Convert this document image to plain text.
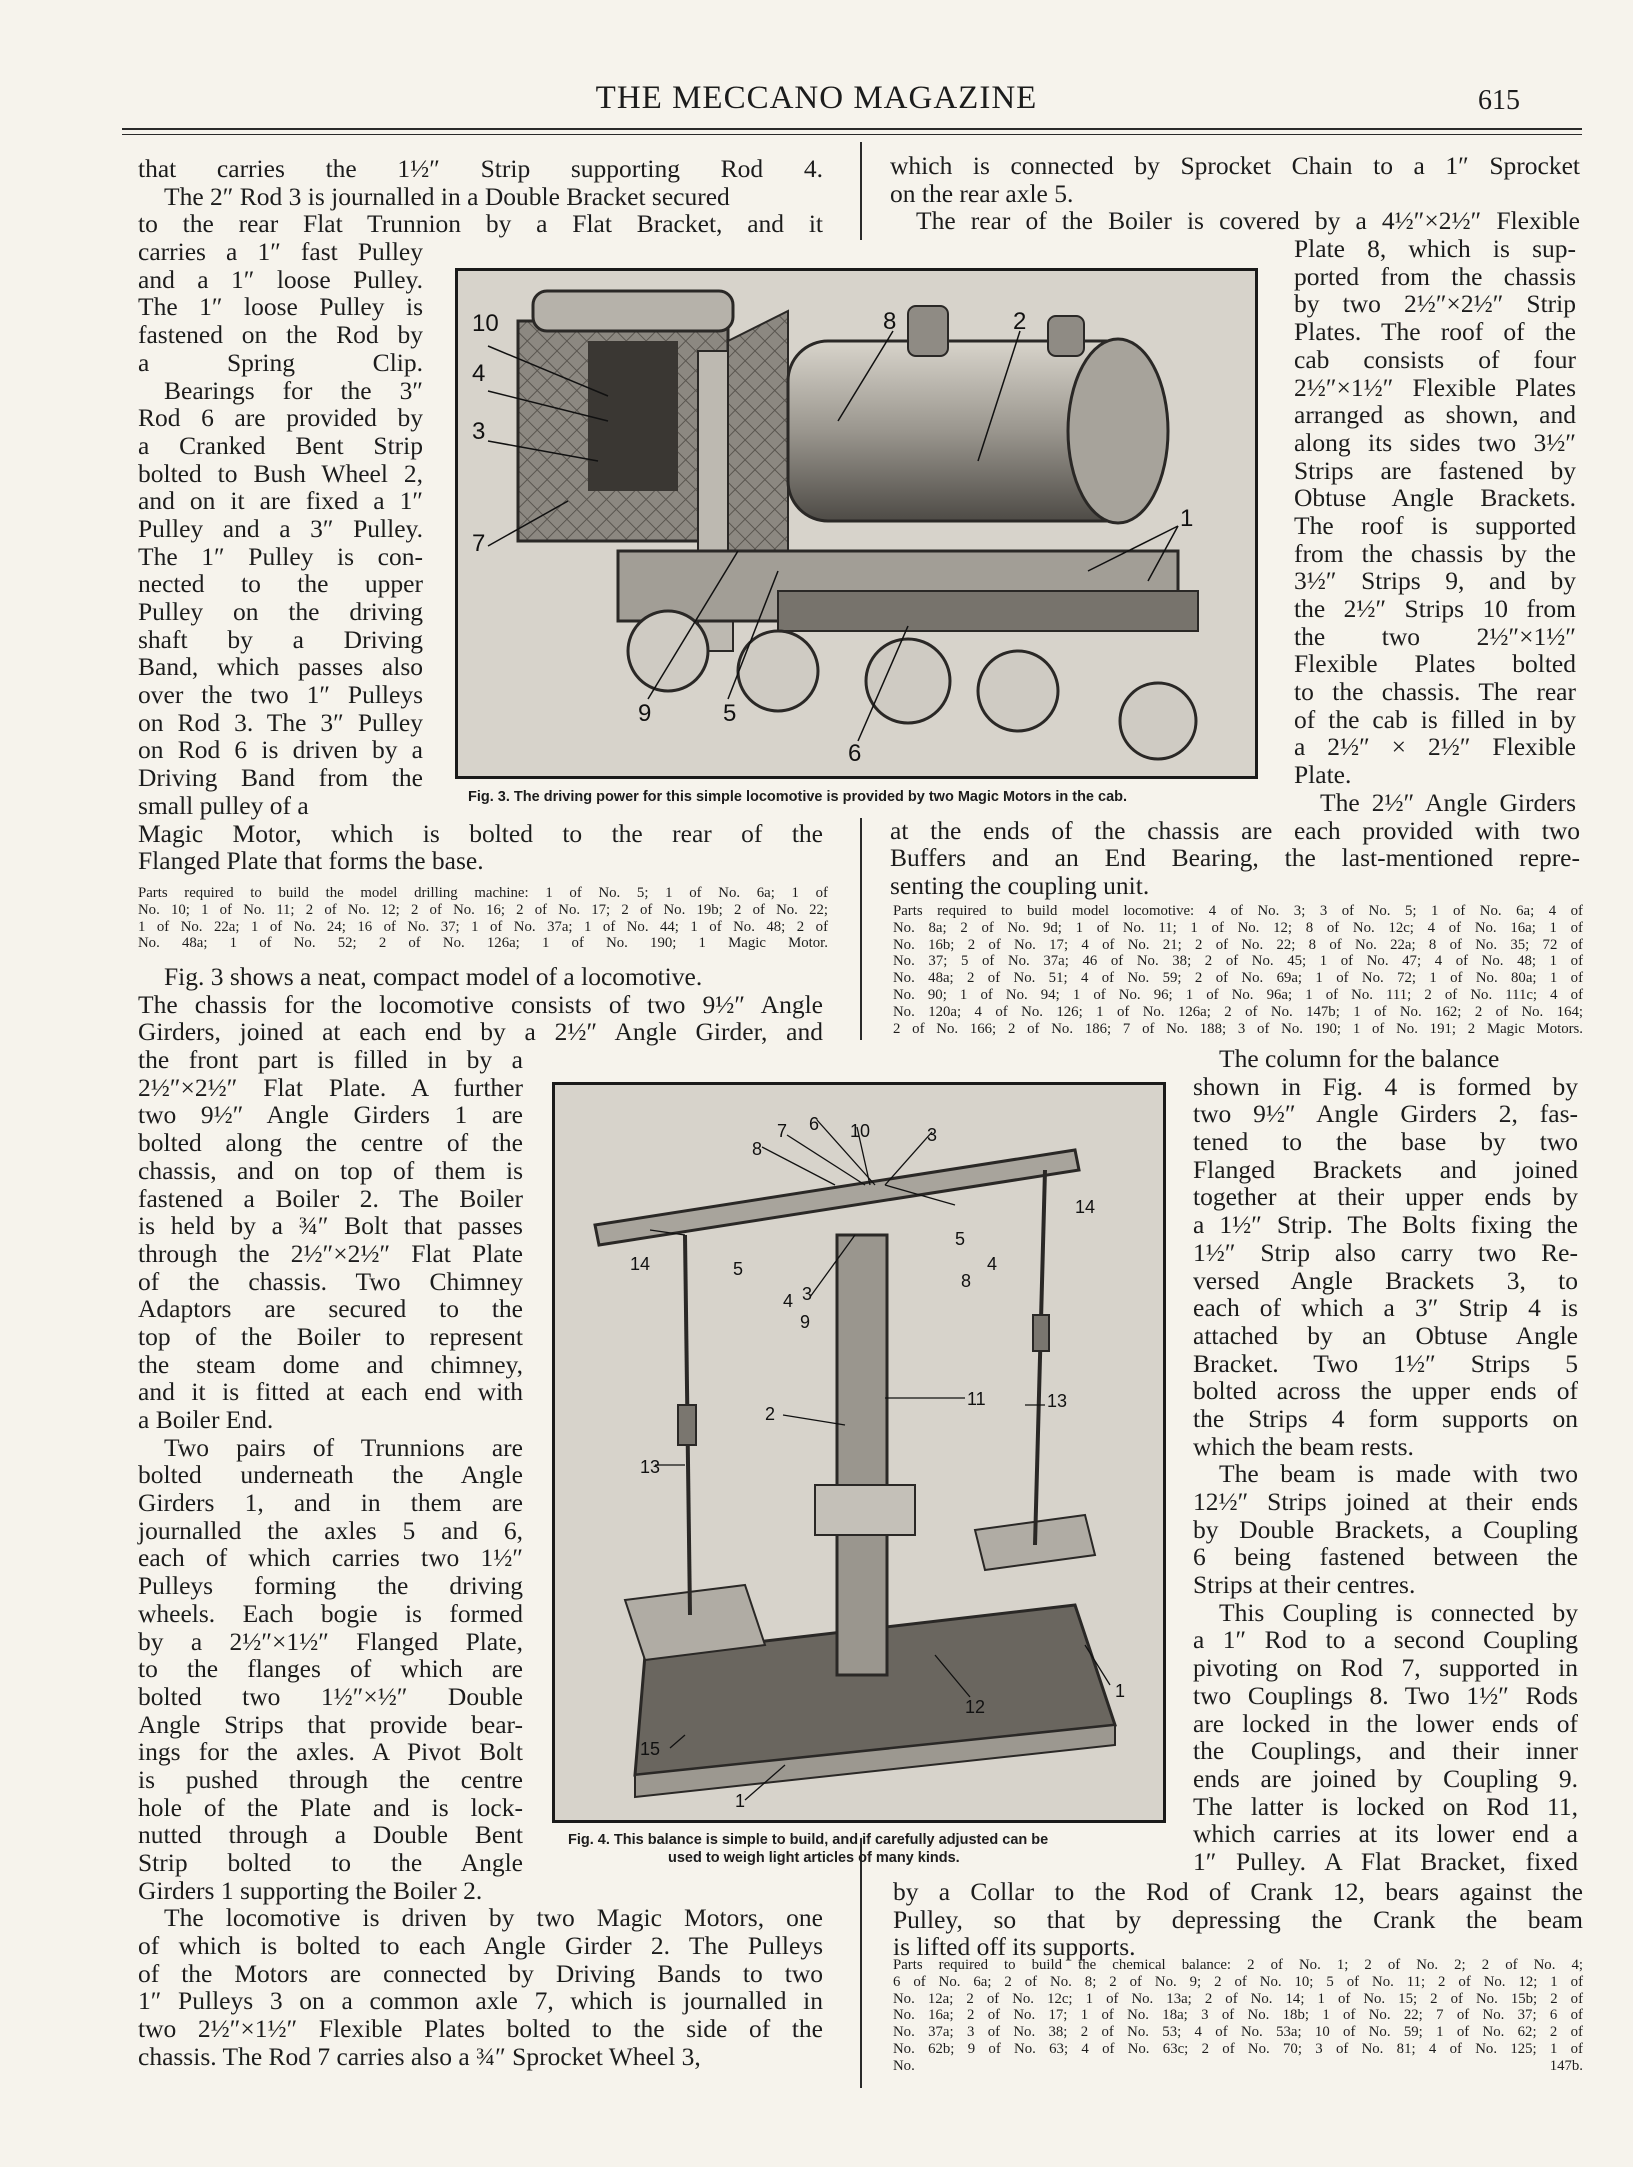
THE MECCANO MAGAZINE	615
that carries the 1½″ Strip supporting Rod 4.
The 2″ Rod 3 is journalled in a Double Bracket secured
to the rear Flat Trunnion by a Flat Bracket, and it
carries a 1″ fast Pulley
and a 1″ loose Pulley.
The 1″ loose Pulley is
fastened on the Rod by
a Spring Clip.
Bearings for the 3″
Rod 6 are provided by
a Cranked Bent Strip
bolted to Bush Wheel 2,
and on it are fixed a 1″
Pulley and a 3″ Pulley.
The 1″ Pulley is con-
nected to the upper
Pulley on the driving
shaft by a Driving
Band, which passes also
over the two 1″ Pulleys
on Rod 3. The 3″ Pulley
on Rod 6 is driven by a
Driving Band from the
small pulley of a
Magic Motor, which is bolted to the rear of the
Flanged Plate that forms the base.
Parts required to build the model drilling machine: 1 of No. 5; 1 of No. 6a; 1 of
No. 10; 1 of No. 11; 2 of No. 12; 2 of No. 16; 2 of No. 17; 2 of No. 19b; 2 of No. 22;
1 of No. 22a; 1 of No. 24; 16 of No. 37; 1 of No. 37a; 1 of No. 44; 1 of No. 48; 2 of
No. 48a; 1 of No. 52; 2 of No. 126a; 1 of No. 190; 1 Magic Motor.
Fig. 3 shows a neat, compact model of a locomotive.
The chassis for the locomotive consists of two 9½″ Angle
Girders, joined at each end by a 2½″ Angle Girder, and
the front part is filled in by a
2½″×2½″ Flat Plate. A further
two 9½″ Angle Girders 1 are
bolted along the centre of the
chassis, and on top of them is
fastened a Boiler 2. The Boiler
is held by a ¾″ Bolt that passes
through the 2½″×2½″ Flat Plate
of the chassis. Two Chimney
Adaptors are secured to the
top of the Boiler to represent
the steam dome and chimney,
and it is fitted at each end with
a Boiler End.
Two pairs of Trunnions are
bolted underneath the Angle
Girders 1, and in them are
journalled the axles 5 and 6,
each of which carries two 1½″
Pulleys forming the driving
wheels. Each bogie is formed
by a 2½″×1½″ Flanged Plate,
to the flanges of which are
bolted two 1½″×½″ Double
Angle Strips that provide bear-
ings for the axles. A Pivot Bolt
is pushed through the centre
hole of the Plate and is lock-
nutted through a Double Bent
Strip bolted to the Angle
Girders 1 supporting the Boiler 2.
The locomotive is driven by two Magic Motors, one
of which is bolted to each Angle Girder 2. The Pulleys
of the Motors are connected by Driving Bands to two
1″ Pulleys 3 on a common axle 7, which is journalled in
two 2½″×1½″ Flexible Plates bolted to the side of the
chassis. The Rod 7 carries also a ¾″ Sprocket Wheel 3,
which is connected by Sprocket Chain to a 1″ Sprocket
on the rear axle 5.
The rear of the Boiler is covered by a 4½″×2½″ Flexible
Plate 8, which is sup-
ported from the chassis
by two 2½″×2½″ Strip
Plates. The roof of the
cab consists of four
2½″×1½″ Flexible Plates
arranged as shown, and
along its sides two 3½″
Strips are fastened by
Obtuse Angle Brackets.
The roof is supported
from the chassis by the
3½″ Strips 9, and by
the 2½″ Strips 10 from
the two 2½″×1½″
Flexible Plates bolted
to the chassis. The rear
of the cab is filled in by
a 2½″ × 2½″ Flexible
Plate.
The 2½″ Angle Girders
at the ends of the chassis are each provided with two
Buffers and an End Bearing, the last-mentioned repre-
senting the coupling unit.
Parts required to build model locomotive: 4 of No. 3; 3 of No. 5; 1 of No. 6a; 4 of
No. 8a; 2 of No. 9d; 1 of No. 11; 1 of No. 12; 8 of No. 12c; 4 of No. 16a; 1 of
No. 16b; 2 of No. 17; 4 of No. 21; 2 of No. 22; 8 of No. 22a; 8 of No. 35; 72 of
No. 37; 5 of No. 37a; 46 of No. 38; 2 of No. 45; 1 of No. 47; 4 of No. 48; 1 of
No. 48a; 2 of No. 51; 4 of No. 59; 2 of No. 69a; 1 of No. 72; 1 of No. 80a; 1 of
No. 90; 1 of No. 94; 1 of No. 96; 1 of No. 96a; 1 of No. 111; 2 of No. 111c; 4 of
No. 120a; 4 of No. 126; 1 of No. 126a; 2 of No. 147b; 1 of No. 162; 2 of No. 164;
2 of No. 166; 2 of No. 186; 7 of No. 188; 3 of No. 190; 1 of No. 191; 2 Magic Motors.
The column for the balance
shown in Fig. 4 is formed by
two 9½″ Angle Girders 2, fas-
tened to the base by two
Flanged Brackets and joined
together at their upper ends by
a 1½″ Strip. The Bolts fixing the
1½″ Strip also carry two Re-
versed Angle Brackets 3, to
each of which a 3″ Strip 4 is
attached by an Obtuse Angle
Bracket. Two 1½″ Strips 5
bolted across the upper ends of
the Strips 4 form supports on
which the beam rests.
The beam is made with two
12½″ Strips joined at their ends
by Double Brackets, a Coupling
6 being fastened between the
Strips at their centres.
This Coupling is connected by
a 1″ Rod to a second Coupling
pivoting on Rod 7, supported in
two Couplings 8. Two 1½″ Rods
are locked in the lower ends of
the Couplings, and their inner
ends are joined by Coupling 9.
The latter is locked on Rod 11,
which carries at its lower end a
1″ Pulley. A Flat Bracket, fixed
by a Collar to the Rod of Crank 12, bears against the
Pulley, so that by depressing the Crank the beam
is lifted off its supports.
Parts required to build the chemical balance: 2 of No. 1; 2 of No. 2; 2 of No. 4;
6 of No. 6a; 2 of No. 8; 2 of No. 9; 2 of No. 10; 5 of No. 11; 2 of No. 12; 1 of
No. 12a; 2 of No. 12c; 1 of No. 13a; 2 of No. 14; 1 of No. 15; 2 of No. 15b; 2 of
No. 16a; 2 of No. 17; 1 of No. 18a; 3 of No. 18b; 1 of No. 22; 7 of No. 37; 6 of
No. 37a; 3 of No. 38; 2 of No. 53; 4 of No. 53a; 10 of No. 59; 1 of No. 62; 2 of
No. 62b; 9 of No. 63; 4 of No. 63c; 2 of No. 70; 3 of No. 81; 4 of No. 125; 1 of
No. 147b.
10
4
3
7
8	2
1
9	5
6
Fig. 3. The driving power for this simple locomotive is provided by two Magic Motors in the cab.
6
7	10	3
8
14
5
4
8
14	5
4 3
9
11	13
2
13
12
1
15
1
Fig. 4. This balance is simple to build, and if carefully adjusted can be
used to weigh light articles of many kinds.
